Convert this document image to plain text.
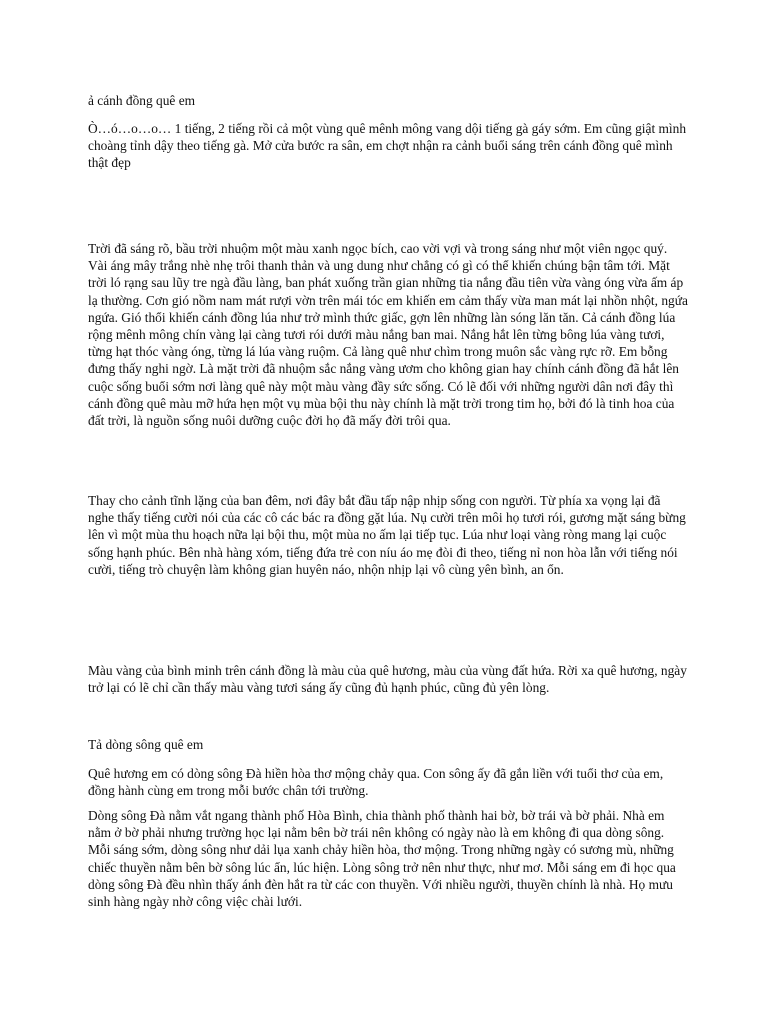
ả cánh đồng quê em

Ò…ó…o…o… 1 tiếng, 2 tiếng rồi cả một vùng quê mênh mông vang dội tiếng gà gáy sớm. Em cũng giật mình choàng tỉnh dậy theo tiếng gà. Mở cửa bước ra sân, em chợt nhận ra cảnh buổi sáng trên cánh đồng quê mình thật đẹp

Trời đã sáng rõ, bầu trời nhuộm một màu xanh ngọc bích, cao vời vợi và trong sáng như một viên ngọc quý. Vài áng mây trắng nhè nhẹ trôi thanh thản và ung dung như chẳng có gì có thể khiến chúng bận tâm tới. Mặt trời ló rạng sau lũy tre ngà đầu làng, ban phát xuống trần gian những tia nắng đầu tiên vừa vàng óng vừa ấm áp lạ thường. Cơn gió nồm nam mát rượi vờn trên mái tóc em khiến em cảm thấy vừa man mát lại nhồn nhột, ngứa ngứa. Gió thổi khiến cánh đồng lúa như trở mình thức giấc, gợn lên những làn sóng lăn tăn. Cả cánh đồng lúa rộng mênh mông chín vàng lại càng tươi rói dưới màu nắng ban mai. Nắng hắt lên từng bông lúa vàng tươi, từng hạt thóc vàng óng, từng lá lúa vàng ruộm. Cả làng quê như chìm trong muôn sắc vàng rực rỡ. Em bỗng đưng thấy nghi ngờ. Là mặt trời đã nhuộm sắc nắng vàng ươm cho không gian hay chính cánh đồng đã hắt lên cuộc sống buổi sớm nơi làng quê này một màu vàng đầy sức sống. Có lẽ đối với những người dân nơi đây thì cánh đồng quê màu mỡ hứa hẹn một vụ mùa bội thu này chính là mặt trời trong tim họ, bởi đó là tinh hoa của đất trời, là nguồn sống nuôi dưỡng cuộc đời họ đã mấy đời trôi qua.

Thay cho cảnh tĩnh lặng của ban đêm, nơi đây bắt đầu tấp nập nhịp sống con người. Từ phía xa vọng lại đã nghe thấy tiếng cười nói của các cô các bác ra đồng gặt lúa. Nụ cười trên môi họ tươi rói, gương mặt sáng bừng lên vì một mùa thu hoạch nữa lại bội thu, một mùa no ấm lại tiếp tục. Lúa như loại vàng ròng mang lại cuộc sống hạnh phúc. Bên nhà hàng xóm, tiếng đứa trẻ con níu áo mẹ đòi đi theo, tiếng nỉ non hòa lẫn với tiếng nói cười, tiếng trò chuyện làm không gian huyên náo, nhộn nhịp lại vô cùng yên bình, an ổn.

Màu vàng của bình minh trên cánh đồng là màu của quê hương, màu của vùng đất hứa. Rời xa quê hương, ngày trở lại có lẽ chỉ cần thấy màu vàng tươi sáng ấy cũng đủ hạnh phúc, cũng đủ yên lòng.

Tả dòng sông quê em

Quê hương em có dòng sông Đà hiền hòa thơ mộng chảy qua. Con sông ấy đã gắn liền với tuổi thơ của em, đồng hành cùng em trong mỗi bước chân tới trường.

Dòng sông Đà nằm vắt ngang thành phố Hòa Bình, chia thành phố thành hai bờ, bờ trái và bờ phải. Nhà em nằm ở bờ phải nhưng trường học lại nằm bên bờ trái nên không có ngày nào là em không đi qua dòng sông. Mỗi sáng sớm, dòng sông như dải lụa xanh chảy hiền hòa, thơ mộng. Trong những ngày có sương mù, những chiếc thuyền nằm bên bờ sông lúc ẩn, lúc hiện. Lòng sông trở nên như thực, như mơ. Mỗi sáng em đi học qua dòng sông Đà đều nhìn thấy ánh đèn hắt ra từ các con thuyền. Với nhiều người, thuyền chính là nhà. Họ mưu sinh hàng ngày nhờ công việc chài lưới.
